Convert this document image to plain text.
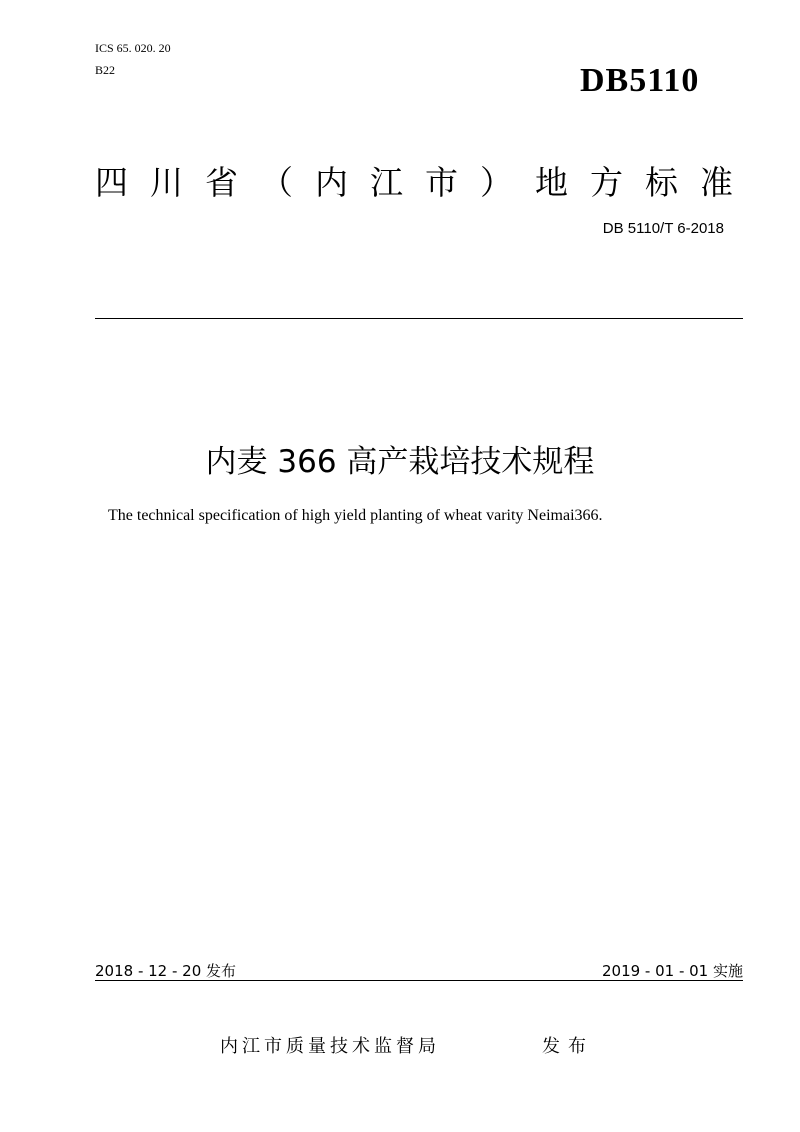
ICS 65. 020. 20
B22	DB5110
四川省（内江市）地方标准
DB 5110/T 6-2018
内麦 366 高产栽培技术规程
The technical specification of high yield planting of wheat varity Neimai366.
2018 - 12 - 20 发布	2019 - 01 - 01 实施
内江市质量技术监督局	发布
